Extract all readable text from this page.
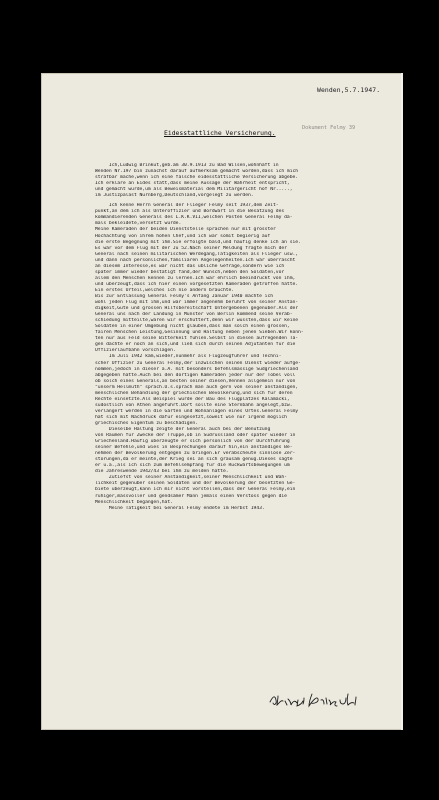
Wenden,5.7.1947.
Dokument Felmy 39
Eidesstattliche Versicherung.
Ich,Ludwig Brinkut,geb.am 30.9.1913 zu Bad Wilsen,wohnhaft in
Wenden Nr.197 bin zunächst darauf aufmerksam gemacht worden,dass ich mich
strafbar mache,wenn ich eine falsche eidesstattliche Versicherung abgebe.
Ich erkläre an Eides statt,dass meine Aussage der Wahrheit entspricht,
und gemacht wurde,um als Beweismaterial dem Militärgericht hof Nr.....,
im Justizpalast Nürnberg,Deutschland,vorgelegt zu werden.
Ich kenne Herrn General der Flieger Felmy seit 1937,dem Zeit-
punkt,an dem ich als Unteroffizier und Bordwart in die Besatzung des
kommandierenden Generals des L.K.K.VII,welchen Posten General Felmy da-
mals bekleidete,versetzt wurde.
Meine Kameraden der beiden Dienststelle sprachen nur mit grösster
Hochachtung von ihrem hohen Chef,und ich war somit begierig auf
die erste Begegnung mit ihm.Sie erfolgte bald,und häufig denke ich an sie.
Es war vor dem Flug mit der Ju 52.Nach seiner Meldung fragte mich der
General nach seinen militärischen Werdegang,Tätigkeiten als Flieger usw.,
und dann nach persönlichen,familiären Angelegenheiten.Ich war überrascht
an diesem Interesse,es war nicht das übliche Gefrage,sondern wie ich
später immer wieder bestätigt fand,der Wunsch,neben den Soldaten,vor
allem den Menschen kennen zu lernen.Ich war ehrlich beeindruckt von ihm,
und überzeugt,dass ich hier einen vorgesetzten Kameraden getroffen hatte.
Ein erstes Urteil,welches ich nie ändern brauchte.
Bis zur Entlassung General Felmy's Anfang Januar 1940 machte ich
wohl jeden Flug mit ihm,und war immer angenehm berührt von seiner Anstän-
digkeit,Güte und grossen Hilfsbereitschaft Untergebenen gegenüber.Als der
General uns nach der Landung in Münster von Berlin kommend seine Verab-
schiedung mitteilte,waren wir erschüttert,denn wir wussten,dass wir keine
Soldaten in einer Umgebung nicht glauben,dass man solch einen grossen,
fairen Menschen Leistung,Gesinnung und Haltung neben jenen Sieben.Wir konn-
ten nur aus Feld seine Bitterkeit fühlen.Selbst in diesen aufregenden Ta-
gen dachte er noch an sich,und ließ sich durch seinen Adjutanten für die
Offizierlaufbahn vorschlagen.
Im Juli 1942 kam,wieder,nunmehr als Flugzeugführer und Techni-
scher Offizier zu General Felmy,der inzwischen seinen Dienst wieder aufge-
nommen,jedoch in dieser a.A. mit besonders befehlsmässige Südgriechenland
abgegeben hatte.Auch bei den dortigen Kameraden jeder nur der Tobel voll
ob solch eines Generals,an besten seiner diesen,Vennen allgemein nur von
"unserm Hellmuth" sprach.U.s.sprach man auch gern von seiner anständigen,
menschlichen Behandlung der griechischen Bevölkerung,und sich für deren
Rechte einsetzte.Als Beispiel wurde der Bau des Flugplatzes Kalamacki,
südöstlich von Athen angeführt.Dort sollte eine Sternbahn angelegt,bzw.
verlängert werden in die Gärten und Wohnanlagen eines Ortes.General Felmy
hat sich mit Nachdruck dafür eingesetzt,soweit wie nur irgend möglich
griechisches Eigentum zu beschädigen.
Dieselbe Haltung zeigte der General auch bei der Benutzung
von Räumen für Zwecke der Truppe,ob in Südrussland oder später wieder in
Griechenland.Häufig überzeugte er sich persönlich von der Durchführung
seiner Befehle,und wies in Besprechungen darauf hin,ein anständiges Be-
nehmen der Bevölkerung entgegen zu bringen.Er verabscheute sinnlose Zer-
störungen,da er meinte,der Krieg sei an sich grausam genug.Dieses sagte
er u.a.,als ich sich zum Befehlsempfang für die Rückwärtsbewegungen um
die Jahreswende 1942/43 bei ihm zu melden hatte.
Zutiefst von seiner Anständigkeit,seiner Menschlichkeit und Wah-
lichkeit gegenüber seinen Soldaten und der Bevölkerung der besetzten Ge-
biete überzeugt,kann ich mir nicht vorstellen,dass der General Felmy,ein
ruhiger,massvoller und gendsamer Mann jemals einen Verstoss gegen die
Menschlichkeit begangen,hat.
Meine Tätigkeit bei General Felmy endete im Herbst 1943.
